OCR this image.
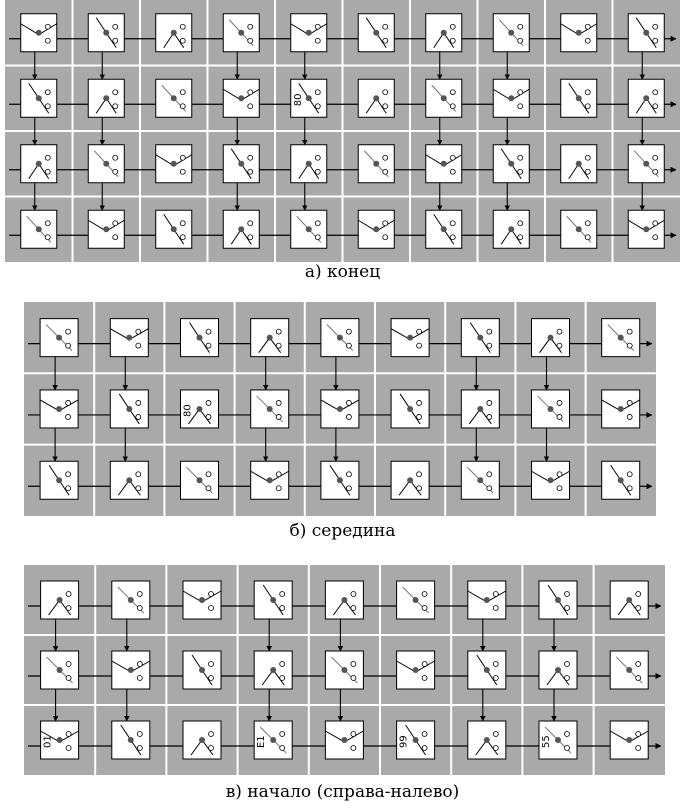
80
80
01	E1	99	55
а) конец
б) середина
в) начало (справа-налево)
